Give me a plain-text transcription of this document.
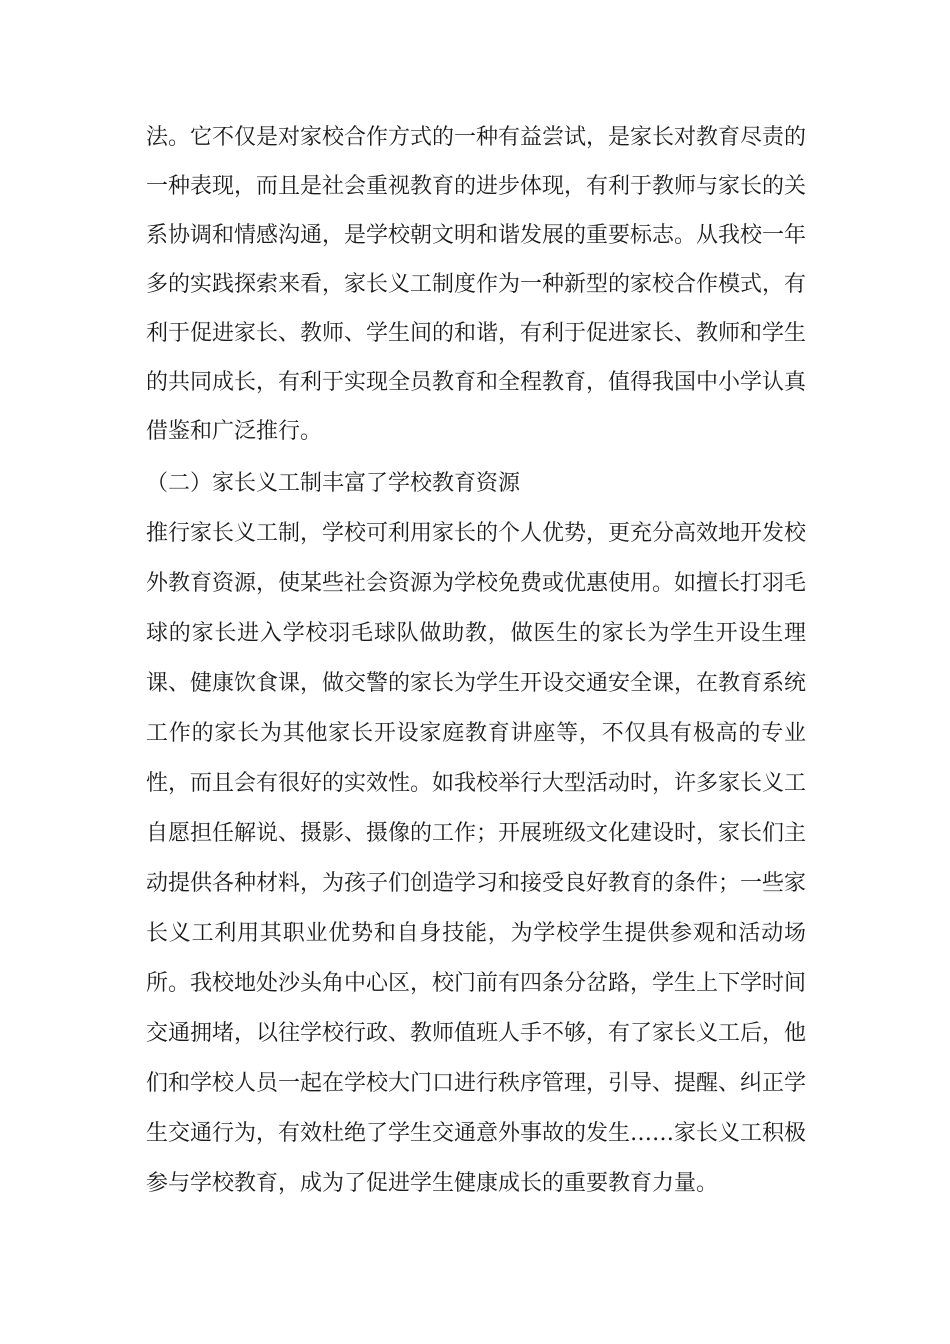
法。它不仅是对家校合作方式的一种有益尝试，是家长对教育尽责的
一种表现，而且是社会重视教育的进步体现，有利于教师与家长的关
系协调和情感沟通，是学校朝文明和谐发展的重要标志。从我校一年
多的实践探索来看，家长义工制度作为一种新型的家校合作模式，有
利于促进家长、教师、学生间的和谐，有利于促进家长、教师和学生
的共同成长，有利于实现全员教育和全程教育，值得我国中小学认真
借鉴和广泛推行。
（二）家长义工制丰富了学校教育资源
推行家长义工制，学校可利用家长的个人优势，更充分高效地开发校
外教育资源，使某些社会资源为学校免费或优惠使用。如擅长打羽毛
球的家长进入学校羽毛球队做助教，做医生的家长为学生开设生理
课、健康饮食课，做交警的家长为学生开设交通安全课，在教育系统
工作的家长为其他家长开设家庭教育讲座等，不仅具有极高的专业
性，而且会有很好的实效性。如我校举行大型活动时，许多家长义工
自愿担任解说、摄影、摄像的工作；开展班级文化建设时，家长们主
动提供各种材料，为孩子们创造学习和接受良好教育的条件；一些家
长义工利用其职业优势和自身技能，为学校学生提供参观和活动场
所。我校地处沙头角中心区，校门前有四条分岔路，学生上下学时间
交通拥堵，以往学校行政、教师值班人手不够，有了家长义工后，他
们和学校人员一起在学校大门口进行秩序管理，引导、提醒、纠正学
生交通行为，有效杜绝了学生交通意外事故的发生……家长义工积极
参与学校教育，成为了促进学生健康成长的重要教育力量。
